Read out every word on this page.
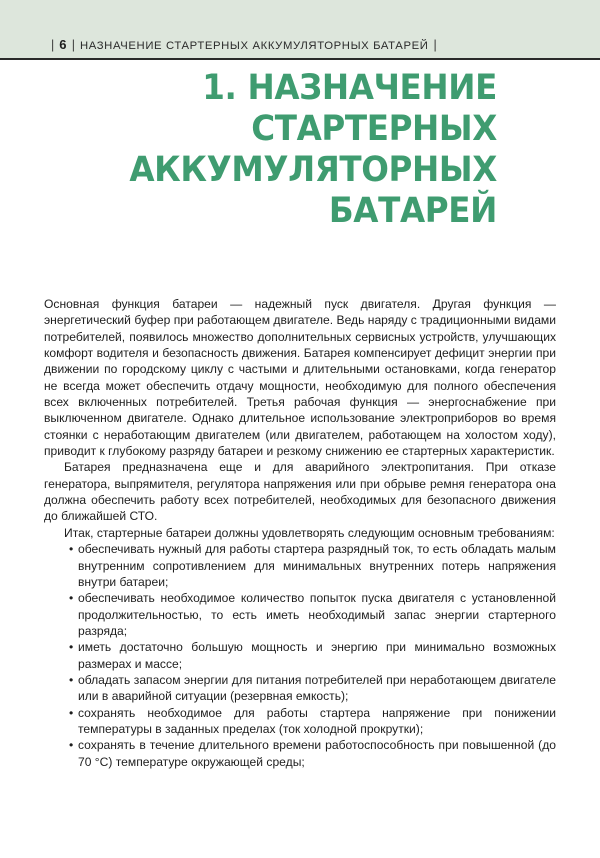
| 6 | НАЗНАЧЕНИЕ СТАРТЕРНЫХ АККУМУЛЯТОРНЫХ БАТАРЕЙ |
1. НАЗНАЧЕНИЕ
СТАРТЕРНЫХ
АККУМУЛЯТОРНЫХ
БАТАРЕЙ

Основная функция батареи — надежный пуск двигателя. Другая функция — энергетический буфер при работающем двигателе. Ведь наряду с традиционными видами потребителей, появилось множество дополнительных сервисных устройств, улучшающих комфорт водителя и безопасность движения. Батарея компенсирует дефицит энергии при движении по городскому циклу с частыми и длительными остановками, когда генератор не всегда может обеспечить отдачу мощности, необходимую для полного обеспечения всех включенных потребителей. Третья рабочая функция — энергоснабжение при выключенном двигателе. Однако длительное использование электроприборов во время стоянки с неработающим двигателем (или двигателем, работающем на холостом ходу), приводит к глубокому разряду батареи и резкому снижению ее стартерных характеристик.

Батарея предназначена еще и для аварийного электропитания. При отказе генератора, выпрямителя, регулятора напряжения или при обрыве ремня генератора она должна обеспечить работу всех потребителей, необходимых для безопасного движения до ближайшей СТО.

Итак, стартерные батареи должны удовлетворять следующим основным требованиям:

• обеспечивать нужный для работы стартера разрядный ток, то есть обладать малым внутренним сопротивлением для минимальных внутренних потерь напряжения внутри батареи;
• обеспечивать необходимое количество попыток пуска двигателя с установленной продолжительностью, то есть иметь необходимый запас энергии стартерного разряда;
• иметь достаточно большую мощность и энергию при минимально возможных размерах и массе;
• обладать запасом энергии для питания потребителей при неработающем двигателе или в аварийной ситуации (резервная емкость);
• сохранять необходимое для работы стартера напряжение при понижении температуры в заданных пределах (ток холодной прокрутки);
• сохранять в течение длительного времени работоспособность при повышенной (до 70 °C) температуре окружающей среды;
